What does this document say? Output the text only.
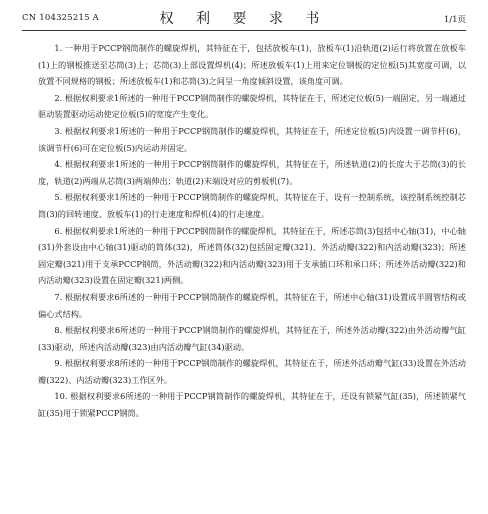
CN 104325215 A	权 利 要 求 书	1/1页

1. 一种用于PCCP钢筒制作的螺旋焊机，其特征在于，包括放板车(1)，放板车(1)沿轨道(2)运行将放置在放板车(1)上的钢板推送至芯筒(3)上；芯筒(3)上部设置焊机(4)；所述放板车(1)上用来定位钢板的定位板(5)其宽度可调，以放置不同规格的钢板；所述放板车(1)和芯筒(3)之间呈一角度倾斜设置，该角度可调。

2. 根据权利要求1所述的一种用于PCCP钢筒制作的螺旋焊机，其特征在于，所述定位板(5)一端固定，另一端通过驱动装置驱动运动使定位板(5)的宽度产生变化。

3. 根据权利要求1所述的一种用于PCCP钢筒制作的螺旋焊机，其特征在于，所述定位板(5)内设置一调节杆(6)，该调节杆(6)可在定位板(5)内运动并固定。

4. 根据权利要求1所述的一种用于PCCP钢筒制作的螺旋焊机，其特征在于，所述轨道(2)的长度大于芯筒(3)的长度，轨道(2)两端从芯筒(3)两端伸出；轨道(2)末端设对应的剪板机(7)。

5. 根据权利要求1所述的一种用于PCCP钢筒制作的螺旋焊机，其特征在于，设有一控制系统，该控制系统控制芯筒(3)的回转速度、放板车(1)的行走速度和焊机(4)的行走速度。

6. 根据权利要求1所述的一种用于PCCP钢筒制作的螺旋焊机，其特征在于，所述芯筒(3)包括中心轴(31)，中心轴(31)外套设由中心轴(31)驱动的筒体(32)，所述筒体(32)包括固定瓣(321)、外活动瓣(322)和内活动瓣(323)；所述固定瓣(321)用于支承PCCP钢筒，外活动瓣(322)和内活动瓣(323)用于支承插口环和承口环；所述外活动瓣(322)和内活动瓣(323)设置在固定瓣(321)两侧。

7. 根据权利要求6所述的一种用于PCCP钢筒制作的螺旋焊机，其特征在于，所述中心轴(31)设置成半圆管结构或偏心式结构。

8. 根据权利要求6所述的一种用于PCCP钢筒制作的螺旋焊机，其特征在于，所述外活动瓣(322)由外活动瓣气缸(33)驱动，所述内活动瓣(323)由内活动瓣气缸(34)驱动。

9. 根据权利要求8所述的一种用于PCCP钢筒制作的螺旋焊机，其特征在于，所述外活动瓣气缸(33)设置在外活动瓣(322)、内活动瓣(323)工作区外。

10. 根据权利要求6所述的一种用于PCCP钢筒制作的螺旋焊机，其特征在于，还设有锁紧气缸(35)，所述锁紧气缸(35)用于锁紧PCCP钢筒。
